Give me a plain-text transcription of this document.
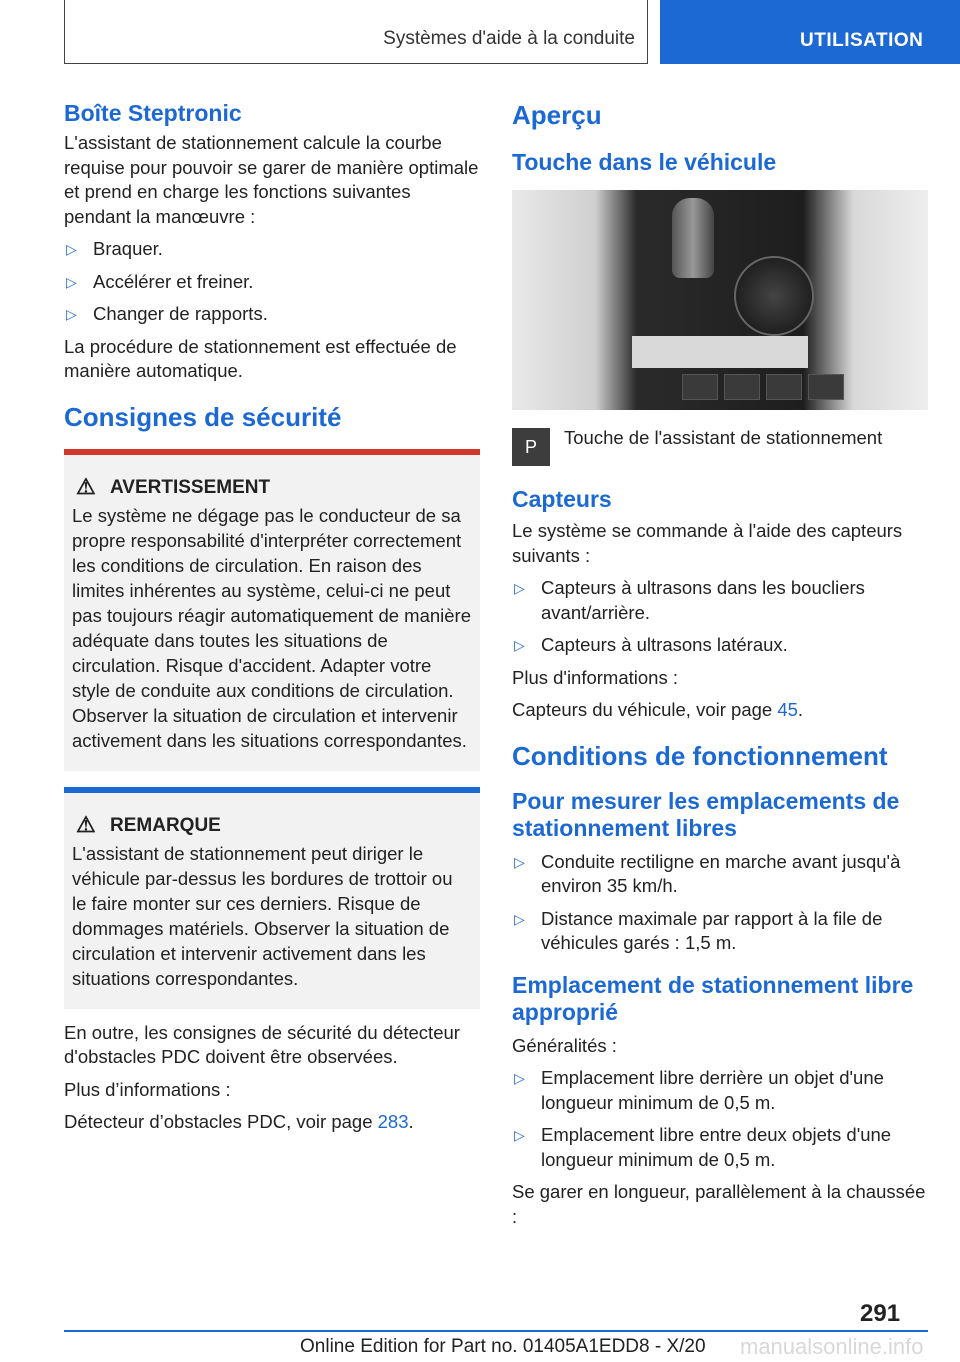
Systèmes d'aide à la conduite	UTILISATION
Boîte Steptronic
L'assistant de stationnement calcule la courbe requise pour pouvoir se garer de manière optimale et prend en charge les fonctions suivantes pendant la manœuvre :
▷ Braquer.
▷ Accélérer et freiner.
▷ Changer de rapports.
La procédure de stationnement est effectuée de manière automatique.
Consignes de sécurité
⚠ AVERTISSEMENT
Le système ne dégage pas le conducteur de sa propre responsabilité d'interpréter correctement les conditions de circulation. En raison des limites inhérentes au système, celui-ci ne peut pas toujours réagir automatiquement de manière adéquate dans toutes les situations de circulation. Risque d'accident. Adapter votre style de conduite aux conditions de circulation. Observer la situation de circulation et intervenir activement dans les situations correspondantes.
⚠ REMARQUE
L'assistant de stationnement peut diriger le véhicule par-dessus les bordures de trottoir ou le faire monter sur ces derniers. Risque de dommages matériels. Observer la situation de circulation et intervenir activement dans les situations correspondantes.
En outre, les consignes de sécurité du détecteur d'obstacles PDC doivent être observées.
Plus d’informations :
Détecteur d’obstacles PDC, voir page 283.
Aperçu
Touche dans le véhicule
P	Touche de l'assistant de stationnement
Capteurs
Le système se commande à l'aide des capteurs suivants :
▷ Capteurs à ultrasons dans les boucliers avant/arrière.
▷ Capteurs à ultrasons latéraux.
Plus d'informations :
Capteurs du véhicule, voir page 45.
Conditions de fonctionnement
Pour mesurer les emplacements de stationnement libres
▷ Conduite rectiligne en marche avant jusqu'à environ 35 km/h.
▷ Distance maximale par rapport à la file de véhicules garés : 1,5 m.
Emplacement de stationnement libre approprié
Généralités :
▷ Emplacement libre derrière un objet d'une longueur minimum de 0,5 m.
▷ Emplacement libre entre deux objets d'une longueur minimum de 0,5 m.
Se garer en longueur, parallèlement à la chaussée :
291
Online Edition for Part no. 01405A1EDD8 - X/20 manualsonline.info
